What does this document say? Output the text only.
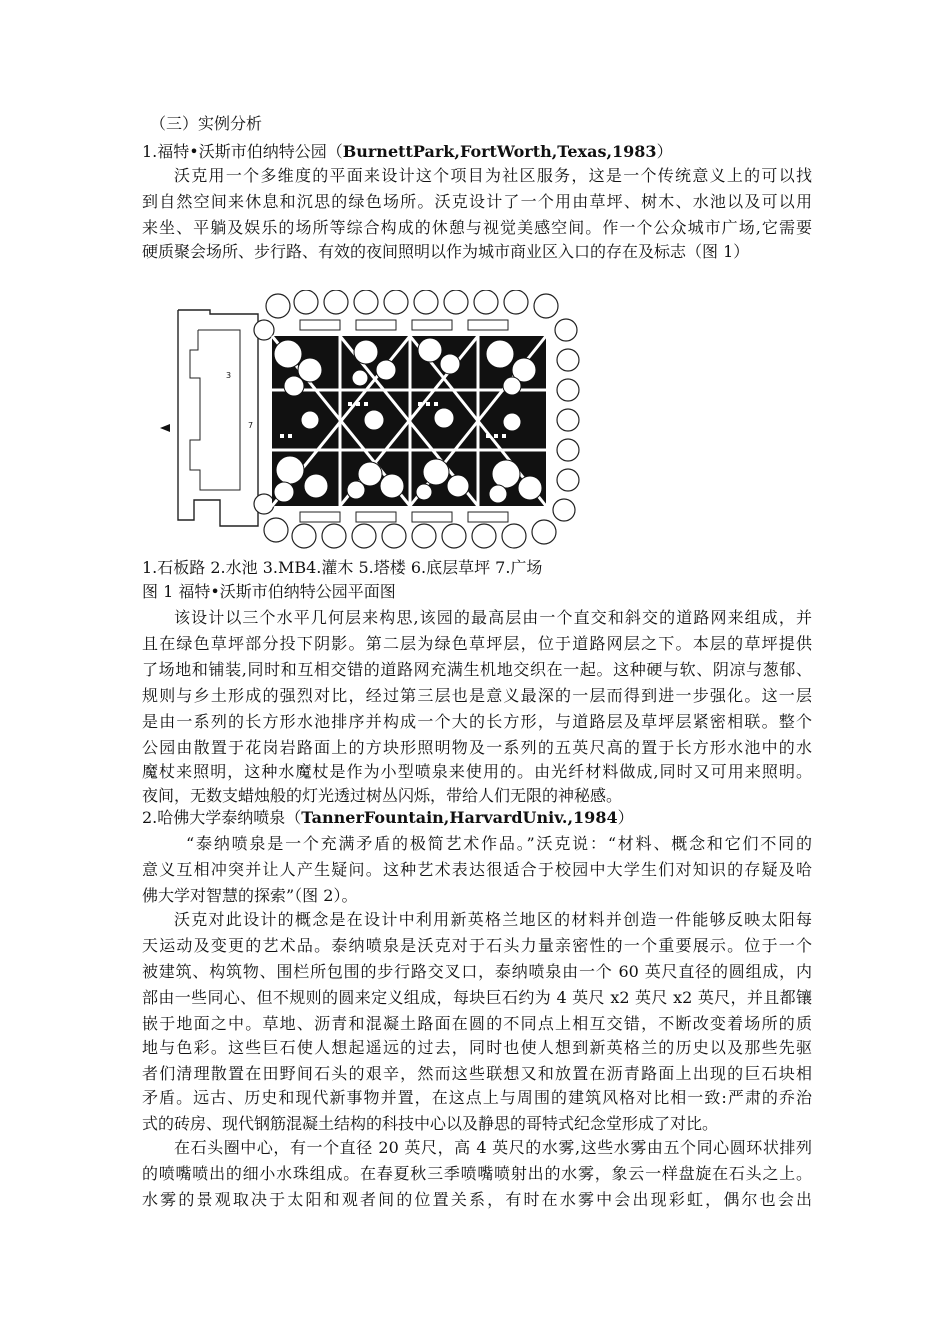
（三）实例分析
1.福特•沃斯市伯纳特公园（BurnettPark,FortWorth,Texas,1983）
沃克用一个多维度的平面来设计这个项目为社区服务，这是一个传统意义上的可以找
到自然空间来休息和沉思的绿色场所。沃克设计了一个用由草坪、树木、水池以及可以用
来坐、平躺及娱乐的场所等综合构成的休憩与视觉美感空间。作一个公众城市广场,它需要
硬质聚会场所、步行路、有效的夜间照明以作为城市商业区入口的存在及标志（图 1）
3
7
1.石板路 2.水池 3.MB4.灌木 5.塔楼 6.底层草坪 7.广场
图 1 福特•沃斯市伯纳特公园平面图
该设计以三个水平几何层来构思,该园的最高层由一个直交和斜交的道路网来组成，并
且在绿色草坪部分投下阴影。第二层为绿色草坪层，位于道路网层之下。本层的草坪提供
了场地和铺装,同时和互相交错的道路网充满生机地交织在一起。这种硬与软、阴凉与葱郁、
规则与乡土形成的强烈对比，经过第三层也是意义最深的一层而得到进一步强化。这一层
是由一系列的长方形水池排序并构成一个大的长方形，与道路层及草坪层紧密相联。整个
公园由散置于花岗岩路面上的方块形照明物及一系列的五英尺高的置于长方形水池中的水
魔杖来照明，这种水魔杖是作为小型喷泉来使用的。由光纤材料做成,同时又可用来照明。
夜间，无数支蜡烛般的灯光透过树丛闪烁，带给人们无限的神秘感。
2.哈佛大学泰纳喷泉（TannerFountain,HarvardUniv.,1984）
“泰纳喷泉是一个充满矛盾的极简艺术作品。”沃克说：“材料、概念和它们不同的
意义互相冲突并让人产生疑问。这种艺术表达很适合于校园中大学生们对知识的存疑及哈
佛大学对智慧的探索”（图 2）。
沃克对此设计的概念是在设计中利用新英格兰地区的材料并创造一件能够反映太阳每
天运动及变更的艺术品。泰纳喷泉是沃克对于石头力量亲密性的一个重要展示。位于一个
被建筑、构筑物、围栏所包围的步行路交叉口，泰纳喷泉由一个 60 英尺直径的圆组成，内
部由一些同心、但不规则的圆来定义组成，每块巨石约为 4 英尺 x2 英尺 x2 英尺，并且都镶
嵌于地面之中。草地、沥青和混凝土路面在圆的不同点上相互交错，不断改变着场所的质
地与色彩。这些巨石使人想起遥远的过去，同时也使人想到新英格兰的历史以及那些先驱
者们清理散置在田野间石头的艰辛，然而这些联想又和放置在沥青路面上出现的巨石块相
矛盾。远古、历史和现代新事物并置，在这点上与周围的建筑风格对比相一致:严肃的乔治
式的砖房、现代钢筋混凝土结构的科技中心以及静思的哥特式纪念堂形成了对比。
在石头圈中心，有一个直径 20 英尺，高 4 英尺的水雾,这些水雾由五个同心圆环状排列
的喷嘴喷出的细小水珠组成。在春夏秋三季喷嘴喷射出的水雾，象云一样盘旋在石头之上。
水雾的景观取决于太阳和观者间的位置关系，有时在水雾中会出现彩虹，偶尔也会出
